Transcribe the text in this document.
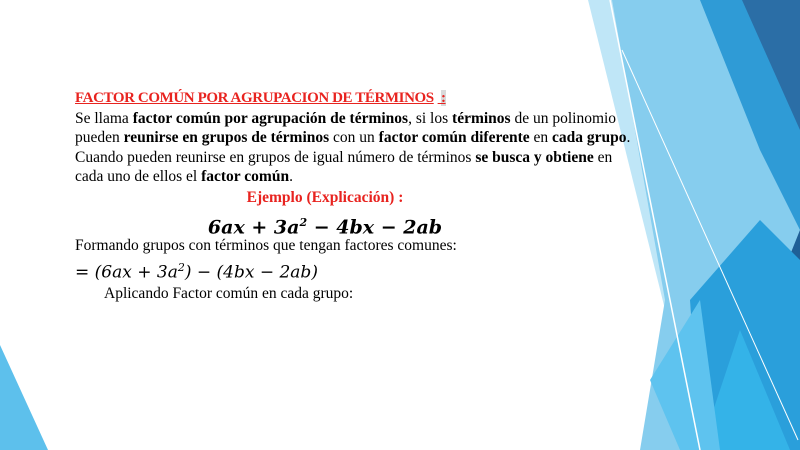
FACTOR COMÚN POR AGRUPACION DE TÉRMINOS :
Se llama factor común por agrupación de términos, si los términos de un polinomio
pueden reunirse en grupos de términos con un factor común diferente en cada grupo.
Cuando pueden reunirse en grupos de igual número de términos se busca y obtiene en
cada uno de ellos el factor común.
Ejemplo (Explicación) :
$6ax + 3a^2 - 4bx - 2ab$
Formando grupos con términos que tengan factores comunes:
= $(6ax + 3a^2) - (4bx - 2ab)$
Aplicando Factor común en cada grupo:
